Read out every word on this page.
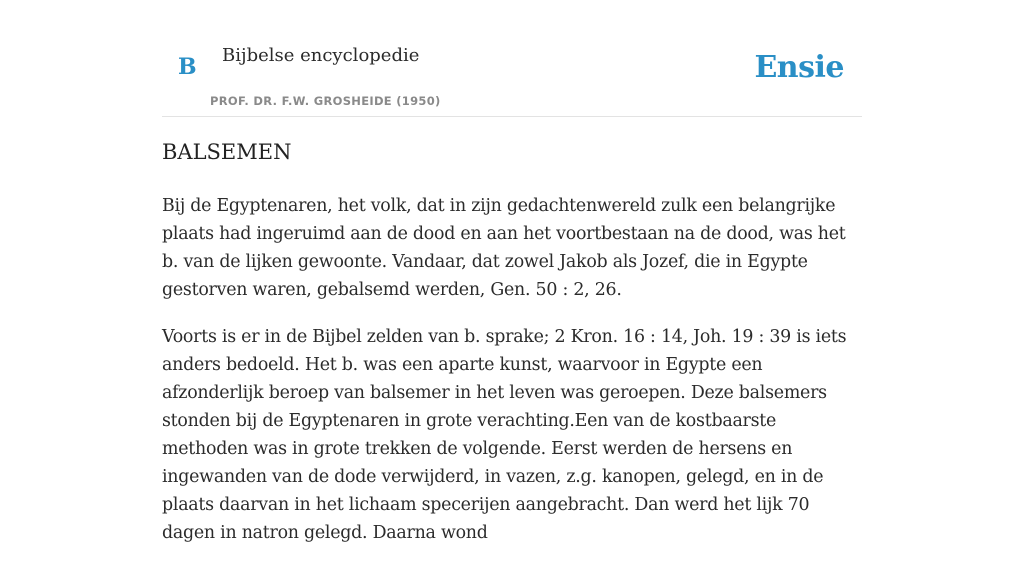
B Bijbelse encyclopedie
PROF. DR. F.W. GROSHEIDE (1950)
Ensie
BALSEMEN

Bij de Egyptenaren, het volk, dat in zijn gedachtenwereld zulk een belangrijke plaats had ingeruimd aan de dood en aan het voortbestaan na de dood, was het b. van de lijken gewoonte. Vandaar, dat zowel Jakob als Jozef, die in Egypte gestorven waren, gebalsemd werden, Gen. 50 : 2, 26.

Voorts is er in de Bijbel zelden van b. sprake; 2 Kron. 16 : 14, Joh. 19 : 39 is iets anders bedoeld. Het b. was een aparte kunst, waarvoor in Egypte een afzonderlijk beroep van balsemer in het leven was geroepen. Deze balsemers stonden bij de Egyptenaren in grote verachting.Een van de kostbaarste methoden was in grote trekken de volgende. Eerst werden de hersens en ingewanden van de dode verwijderd, in vazen, z.g. kanopen, gelegd, en in de plaats daarvan in het lichaam specerijen aangebracht. Dan werd het lijk 70 dagen in natron gelegd. Daarna wond
